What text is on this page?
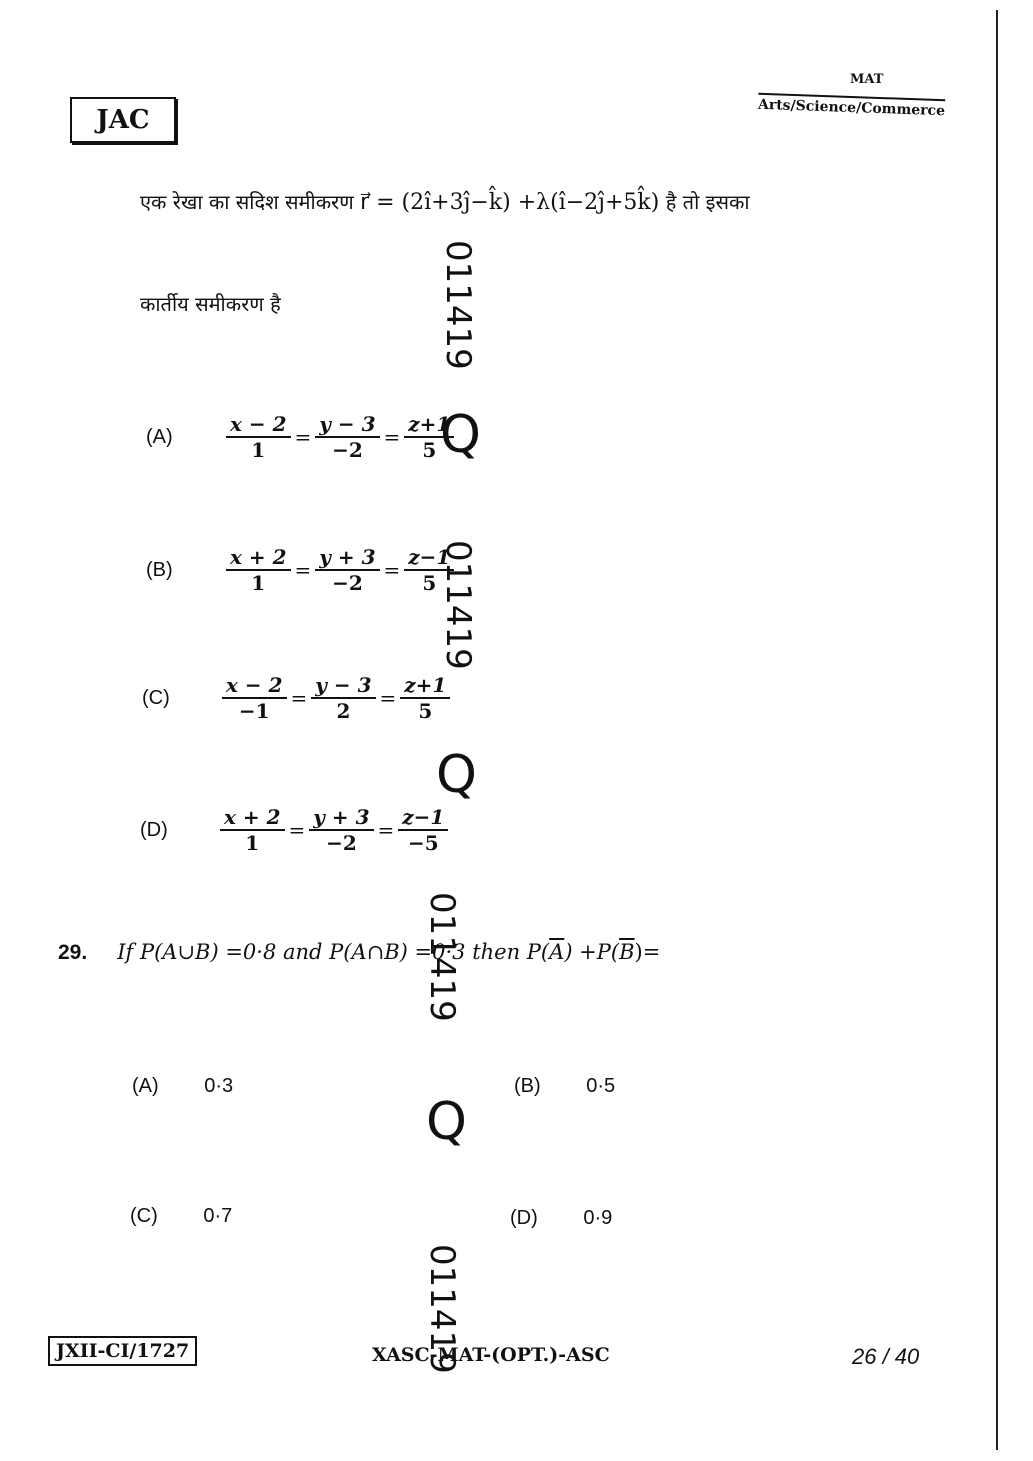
JAC
MAT
Arts/Science/Commerce
एक रेखा का सदिश समीकरण r⃗ = (2î+3ĵ−k̂) +λ(î−2ĵ+5k̂) है तो इसका
कार्तीय समीकरण है
(A)	$\frac{x - 2}{1} = \frac{y - 3}{-2} = \frac{z+1}{5}$
(B)	$\frac{x + 2}{1} = \frac{y + 3}{-2} = \frac{z-1}{5}$
(C)	$\frac{x - 2}{-1} = \frac{y - 3}{2} = \frac{z+1}{5}$
(D)	$\frac{x + 2}{1} = \frac{y + 3}{-2} = \frac{z-1}{-5}$
29. If P(A∪B) =0·8 and P(A∩B) =0·3 then $P(\overline{A}) +P(\overline{B})=$
(A) 0·3	(B) 0·5
(C) 0·7	(D) 0·9
011419
Q
011419
Q
011419
Q
011419
JXII-CI/1727	XASC-MAT-(OPT.)-ASC	26 / 40
